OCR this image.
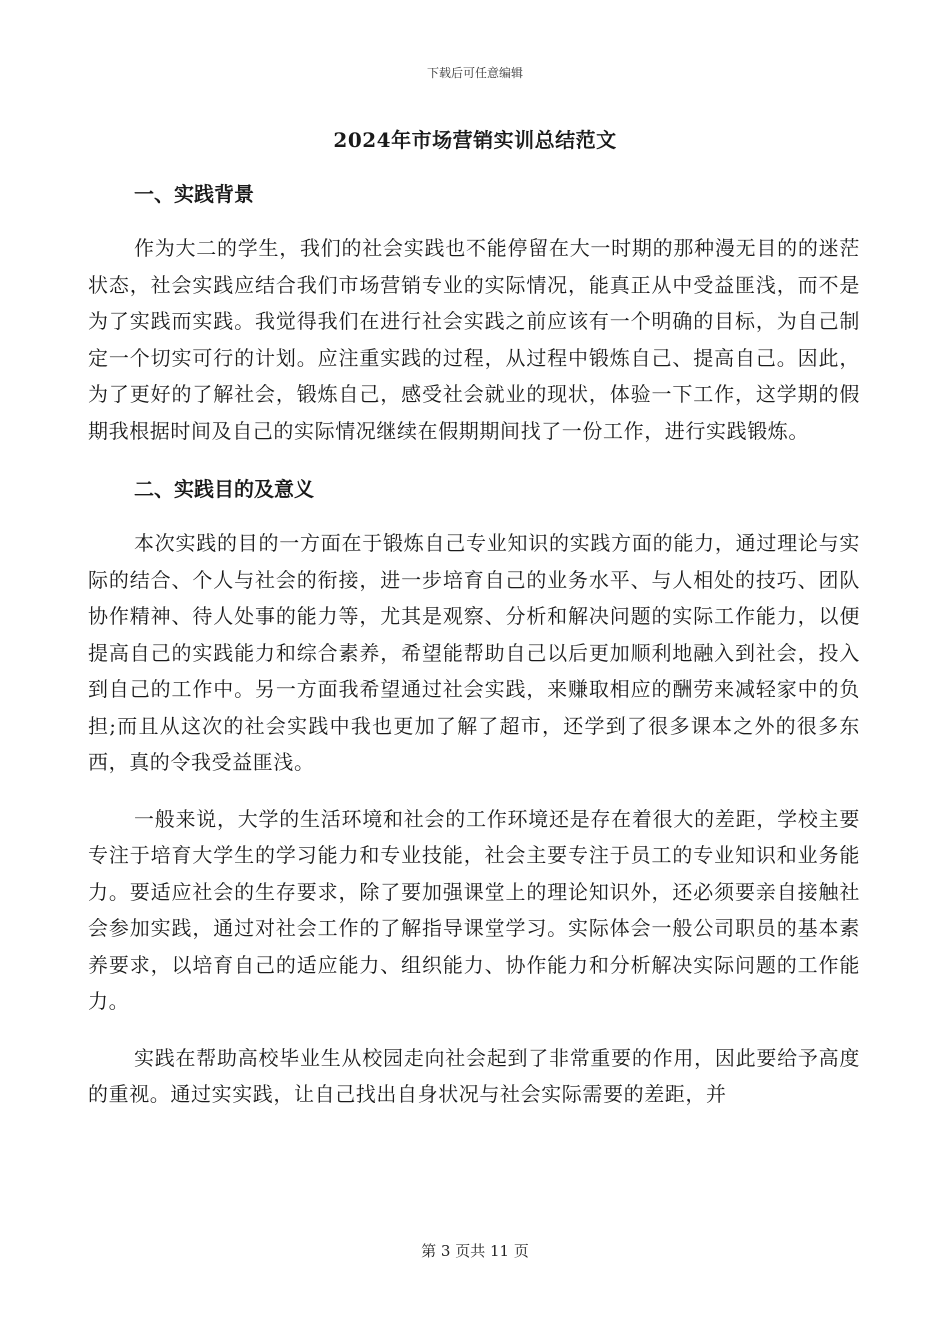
下载后可任意编辑
2024年市场营销实训总结范文
一、实践背景

作为大二的学生，我们的社会实践也不能停留在大一时期的那种漫无目的的迷茫状态，社会实践应结合我们市场营销专业的实际情况，能真正从中受益匪浅，而不是为了实践而实践。我觉得我们在进行社会实践之前应该有一个明确的目标，为自己制定一个切实可行的计划。应注重实践的过程，从过程中锻炼自己、提高自己。因此，为了更好的了解社会，锻炼自己，感受社会就业的现状，体验一下工作，这学期的假期我根据时间及自己的实际情况继续在假期期间找了一份工作，进行实践锻炼。

二、实践目的及意义

本次实践的目的一方面在于锻炼自己专业知识的实践方面的能力，通过理论与实际的结合、个人与社会的衔接，进一步培育自己的业务水平、与人相处的技巧、团队协作精神、待人处事的能力等，尤其是观察、分析和解决问题的实际工作能力，以便提高自己的实践能力和综合素养，希望能帮助自己以后更加顺利地融入到社会，投入到自己的工作中。另一方面我希望通过社会实践，来赚取相应的酬劳来减轻家中的负担;而且从这次的社会实践中我也更加了解了超市，还学到了很多课本之外的很多东西，真的令我受益匪浅。

一般来说，大学的生活环境和社会的工作环境还是存在着很大的差距，学校主要专注于培育大学生的学习能力和专业技能，社会主要专注于员工的专业知识和业务能力。要适应社会的生存要求，除了要加强课堂上的理论知识外，还必须要亲自接触社会参加实践，通过对社会工作的了解指导课堂学习。实际体会一般公司职员的基本素养要求，以培育自己的适应能力、组织能力、协作能力和分析解决实际问题的工作能力。

实践在帮助高校毕业生从校园走向社会起到了非常重要的作用，因此要给予高度的重视。通过实实践，让自己找出自身状况与社会实际需要的差距，并

第 3 页共 11 页
